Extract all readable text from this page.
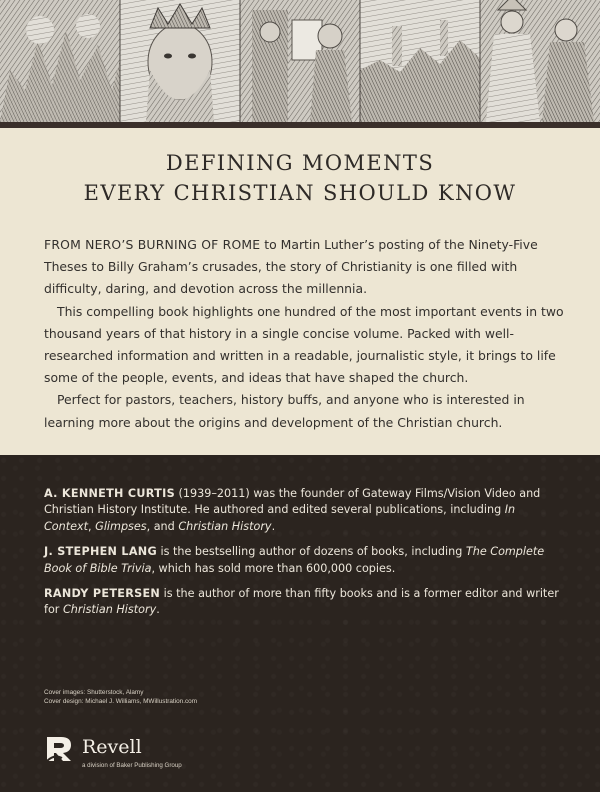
DEFINING MOMENTS
EVERY CHRISTIAN SHOULD KNOW

FROM NERO’S BURNING OF ROME to Martin Luther’s posting of the Ninety-Five Theses to Billy Graham’s crusades, the story of Christianity is one filled with difficulty, daring, and devotion across the millennia.

This compelling book highlights one hundred of the most important events in two thousand years of that history in a single concise volume. Packed with well-researched information and written in a readable, journalistic style, it brings to life some of the people, events, and ideas that have shaped the church.

Perfect for pastors, teachers, history buffs, and anyone who is interested in learning more about the origins and development of the Christian church.

A. KENNETH CURTIS (1939–2011) was the founder of Gateway Films/Vision Video and Christian History Institute. He authored and edited several publications, including In Context, Glimpses, and Christian History.

J. STEPHEN LANG is the bestselling author of dozens of books, including The Complete Book of Bible Trivia, which has sold more than 600,000 copies.

RANDY PETERSEN is the author of more than fifty books and is a former editor and writer for Christian History.

Cover images: Shutterstock, Alamy
Cover design: Michael J. Williams, MWillustration.com
Revell
a division of Baker Publishing Group
